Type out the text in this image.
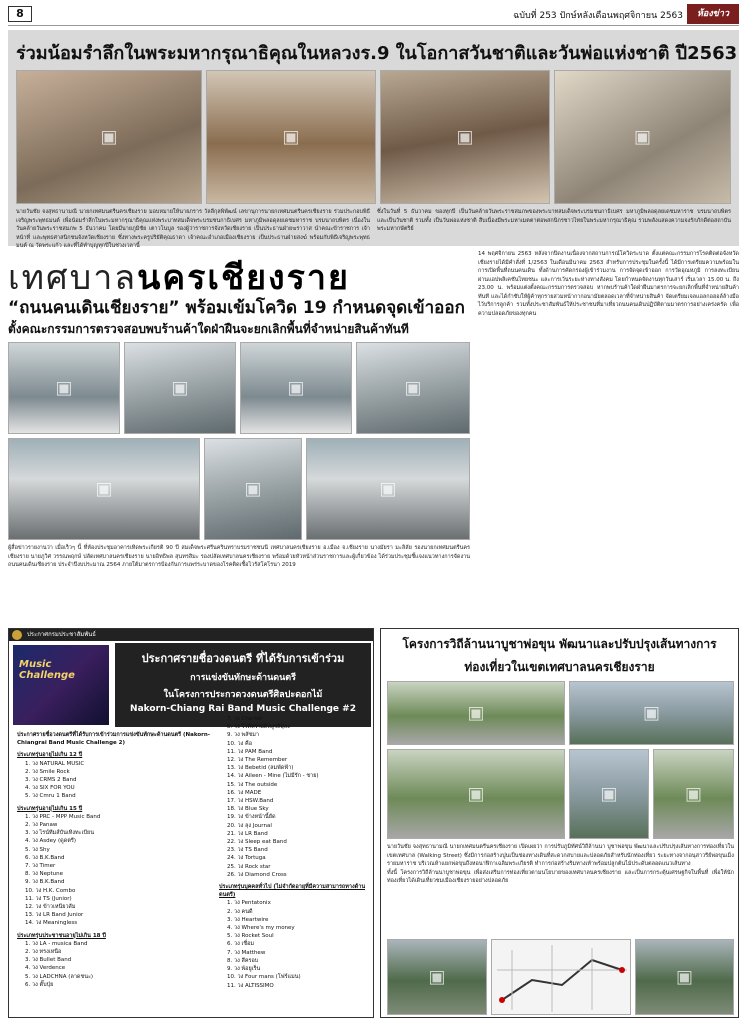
8	ฉบับที่ 253 ปักษ์หลังเดือนพฤศจิกายน 2563	ห้องข่าว
ร่วมน้อมรำลึกในพระมหากรุณาธิคุณในหลวงร.9 ในโอกาสวันชาติและวันพ่อแห่งชาติ ปี2563
▣	▣	▣	▣
นายวันชัย จงสุทธานามณี นายกเทศมนตรีนครเชียงราย มอบหมายให้นายภราร วัลลีกุลพิพัฒน์ เลขานุการนายกเทศมนตรีนครเชียงราย ร่วมประกอบพิธีเจริญพระพุทธมนต์ เพื่อน้อมรำลึกในพระมหากรุณาธิคุณแห่งพระบาทสมเด็จพระบรมชนกาธิเบศร มหาภูมิพลอดุลยเดชมหาราช บรมนาถบพิตร เนื่องในวันคล้ายวันพระราชสมภพ 5 ธันวาคม โดยมีนายภูมิชัย เตาวโนบูล รองผู้ว่าราชการจังหวัดเชียงราย เป็นประธานฝ่ายฆราวาส นำคณะข้าราชการ เจ้าหน้าที่ และพุทธศาสนิกชนจังหวัดเชียงราย ซึ่งทางพระครูปริยัติคุณธาดา เจ้าคณะอำเภอเมืองเชียงราย เป็นประธานฝ่ายสงฆ์ พร้อมกับพิธีเจริญพระพุทธมนต์ ณ วัดพระแก้ว และที่ได้ทำบุญทุกปีในช่วงเวลานี้
ซึ่งในวันที่ 5 ธันวาคม ของทุกปี เป็นวันคล้ายวันพระราชสมภพของพระบาทสมเด็จพระบรมชนกาธิเบศร มหาภูมิพลอดุลยเดชมหาราช บรมนาถบพิตร และเป็นวันชาติ รวมทั้ง เป็นวันพ่อแห่งชาติ สืบเนื่องมีพระมหาเมตตาต่อพสกนิกรชาวไทยในพระมหากรุณาธิคุณ รวมพลังแสดงความจงรักภักดีต่อสถาบันพระมหากษัตริย์
เทศบาลนครเชียงราย
“ถนนคนเดินเชียงราย” พร้อมเข้มโควิด 19 กำหนดจุดเข้าออก
ตั้งคณะกรรมการตรวจสอบพบร้านค้าใดฝ่าฝืนจะยกเลิกพื้นที่จำหน่ายสินค้าทันที
▣	▣	▣	▣
▣	▣	▣
ผู้สื่อข่าวรายงานว่า เมื่อเร็วๆ นี้ ที่ห้องประชุมอาคารเทิดพระเกียรติ 90 ปี สมเด็จพระศรีนครินทราบรมราชชนนี เทศบาลนครเชียงราย อ.เมือง จ.เชียงราย นางมัยรา มะลิลัย รองนายกเทศมนตรีนครเชียงราย นายภูวิศ วรรณพฤกษ์ ปลัดเทศบาลนครเชียงราย นายอิทธิพล สุนทรสิมะ รองปลัดเทศบาลนครเชียงราย พร้อมด้วยหัวหน้าส่วนราชการและผู้เกี่ยวข้อง ได้ร่วมประชุมชี้แจงแนวทางการจัดงานถนนคนเดินเชียงราย ประจำปีงบประมาณ 2564 ภายใต้มาตรการป้องกันการแพร่ระบาดของโรคติดเชื้อไวรัสโคโรนา 2019
14 พฤศจิกายน 2563 หลังจากปิดงานเนื่องจากสถานการณ์โควิดระบาด ตั้งแต่คณะกรรมการโรคติดต่อจังหวัดเชียงรายได้มีคำสั่งที่ 1/2563 ในเดือนมีนาคม 2563 สำหรับการประชุมในครั้งนี้ ได้มีการเตรียมความพร้อมในการเปิดพื้นที่ถนนคนเดิน ทั้งด้านการคัดกรองผู้เข้าร่วมงาน การจัดจุดเข้าออก การวัดอุณหภูมิ การลงทะเบียนผ่านแอปพลิเคชันไทยชนะ และการเว้นระยะห่างทางสังคม โดยกำหนดจัดงานทุกวันเสาร์ เริ่มเวลา 15.00 น. ถึง 23.00 น. พร้อมแต่งตั้งคณะกรรมการตรวจสอบ หากพบร้านค้าใดฝ่าฝืนมาตรการจะยกเลิกพื้นที่จำหน่ายสินค้าทันที และได้กำชับให้ผู้ค้าทุกรายสวมหน้ากากอนามัยตลอดเวลาที่จำหน่ายสินค้า จัดเตรียมเจลแอลกอฮอล์ล้างมือไว้บริการลูกค้า รวมทั้งประชาสัมพันธ์ให้ประชาชนที่มาเที่ยวถนนคนเดินปฏิบัติตามมาตรการอย่างเคร่งครัด เพื่อความปลอดภัยของทุกคน
ประกาศกรมประชาสัมพันธ์
Music Challenge
ประกาศรายชื่อวงดนตรี ที่ได้รับการเข้าร่วม
การแข่งขันทักษะด้านดนตรี
ในโครงการประกวดวงดนตรีศิลปะดอกไม้
Nakorn-Chiang Rai Band Music Challenge #2
ประกาศรายชื่อวงดนตรีที่ได้รับการเข้าร่วมการแข่งขันทักษะด้านดนตรี (Nakorn-Chiangrai Band Music Challenge 2)
ประเภทรุ่นอายุไม่เกิน 12 ปี
1. วง NATURAL MUSIC
2. วง Smile Rock
3. วง CRMS 2 Band
4. วง SIX FOR YOU
5. วง Cmru 1 Band
ประเภทรุ่นอายุไม่เกิน 15 ปี
1. วง PRC - MPP Music Band
2. วง Panaw
3. วง ไรน์ทีมส์บันเทิงทะเบียน
4. วง Asdey (ดูดตรี)
5. วง Shy
6. วง B.K.Band
7. วง Timer
8. วง Neptune
9. วง B.K.Band
10. วง H.K. Combo
11. วง TS (Junior)
12. วง ข้าวเหนียวส้ม
13. วง LR Band Junior
14. วง Meaningless
ประเภทรุ่นประชาชนอายุไม่เกิน 18 ปี
1. วง LA - musica Band
2. วง ทรงเหนือ
3. วง Bullet Band
4. วง Verdence
5. วง LADCHNA (ลาดชนะ)
6. วง ตั๊บปุ่ย
7. วง Cherish
8. วง ไวท์ทรายดิลลูรถิยุลง
9. วง พลัซมา
10. วง คือ
11. วง PAM Band
12. วง The Remember
13. วง Bebetid (ลมพัดฟ้า)
14. วง Aileen - Mine (ไม่มีรัก - ชาย)
15. วง The outside
16. วง MADE
17. วง HSW.Band
18. วง Blue Sky
19. วง ข้างหน้านี้ยัด
20. วง ลุง Journal
21. วง LR Band
22. วง Sleep eat Band
23. วง TS Band
24. วง Tortuga
25. วง Rock star
26. วง Diamond Cross
ประเภทรุ่นบุคคลทั่วไป (ไม่จำกัดอายุที่มีความสามารถทางด้านดนตรี)
1. วง Pentatonix
2. วง คนดี
3. วง Heartwire
4. วง Where's my money
5. วง Rocket Soul
6. วง เชื่อม
7. วง Matthew
8. วง สีครอบ
9. วง พ้อยูเร็น
10. วง Four mans (โฟร์แมน)
11. วง ALTISSIMO
โครงการวิถีล้านนาบูชาพ่อขุน พัฒนาและปรับปรุงเส้นทางการ
ท่องเที่ยวในเขตเทศบาลนครเชียงราย
▣	▣
▣	▣	▣
นายวันชัย จงสุทธานามณี นายกเทศมนตรีนครเชียงราย เปิดเผยว่า การปรับภูมิทัศน์วิถีล้านนา บูชาพ่อขุน พัฒนาและปรับปรุงเส้นทางการท่องเที่ยวในเขตเทศบาล (Walking Street) ซึ่งมีการก่อสร้างปูนเป็นช่องทางเดินที่สะดวกสบายและปลอดภัยสำหรับนักท่องเที่ยว ระยะทางจากอนุสาวรีย์พ่อขุนเม็งรายมหาราช บริเวณห้าแยกพ่อขุนถึงหอนาฬิกาเฉลิมพระเกียรติ ทำการก่อสร้างริมทางเท้าพร้อมปลูกต้นไม้ประดับตลอดแนวเส้นทาง
ทั้งนี้ โครงการวิถีล้านนาบูชาพ่อขุน เพื่อส่งเสริมการท่องเที่ยวตามนโยบายของเทศบาลนครเชียงราย และเป็นการกระตุ้นเศรษฐกิจในพื้นที่ เพื่อให้นักท่องเที่ยวได้เดินเที่ยวชมเมืองเชียงรายอย่างปลอดภัย
▣	▣
